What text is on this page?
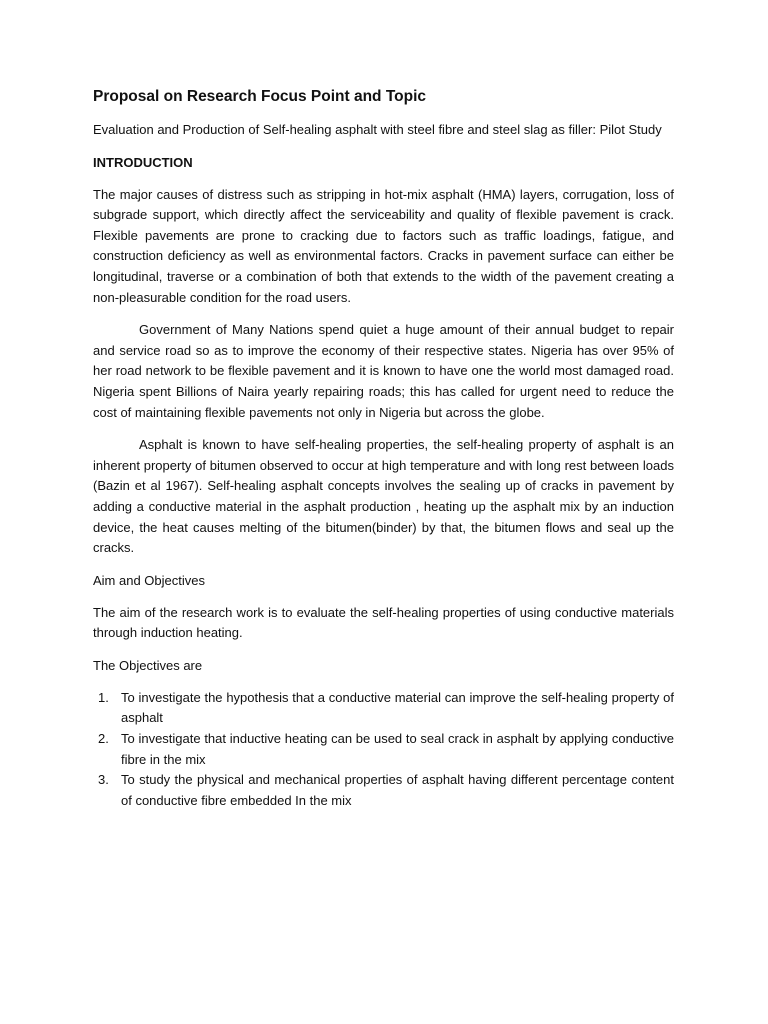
Proposal on Research Focus Point and Topic

Evaluation and Production of Self-healing asphalt with steel fibre and steel slag as filler: Pilot Study

INTRODUCTION

The major causes of distress such as stripping in hot-mix asphalt (HMA) layers, corrugation, loss of subgrade support, which directly affect the serviceability and quality of flexible pavement is crack. Flexible pavements are prone to cracking due to factors such as traffic loadings, fatigue, and construction deficiency as well as environmental factors. Cracks in pavement surface can either be longitudinal, traverse or a combination of both that extends to the width of the pavement creating a non-pleasurable condition for the road users.

Government of Many Nations spend quiet a huge amount of their annual budget to repair and service road so as to improve the economy of their respective states. Nigeria has over 95% of her road network to be flexible pavement and it is known to have one the world most damaged road. Nigeria spent Billions of Naira yearly repairing roads; this has called for urgent need to reduce the cost of maintaining flexible pavements not only in Nigeria but across the globe.

Asphalt is known to have self-healing properties, the self-healing property of asphalt is an inherent property of bitumen observed to occur at high temperature and with long rest between loads (Bazin et al 1967). Self-healing asphalt concepts involves the sealing up of cracks in pavement by adding a conductive material in the asphalt production , heating up the asphalt mix by an induction device, the heat causes melting of the bitumen(binder) by that, the bitumen flows and seal up the cracks.

Aim and Objectives

The aim of the research work is to evaluate the self-healing properties of using conductive materials through induction heating.

The Objectives are
1. To investigate the hypothesis that a conductive material can improve the self-healing property of asphalt
2. To investigate that inductive heating can be used to seal crack in asphalt by applying conductive fibre in the mix
3. To study the physical and mechanical properties of asphalt having different percentage content of conductive fibre embedded In the mix
